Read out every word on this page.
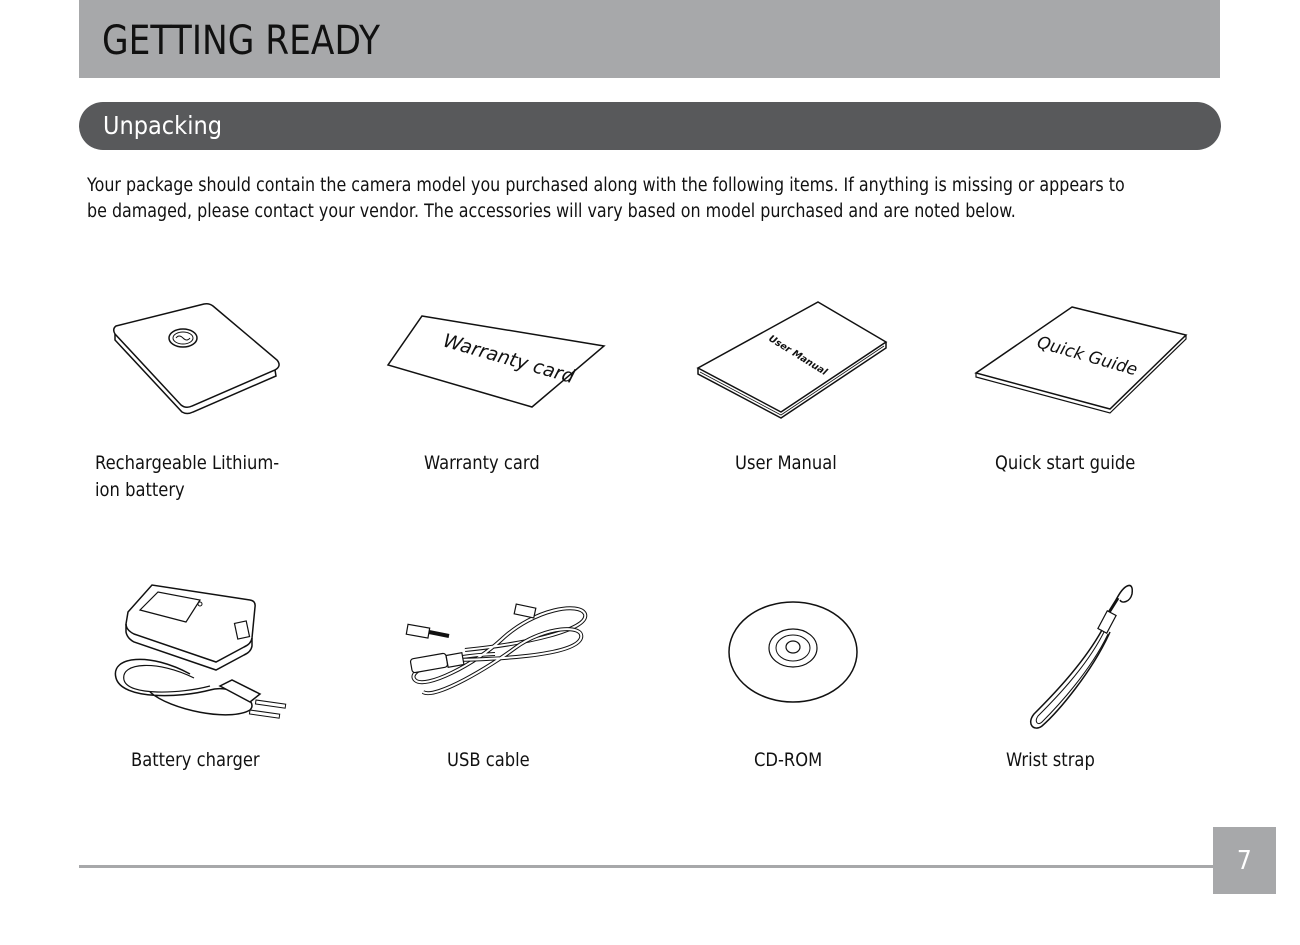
GETTING READY
Unpacking

Your package should contain the camera model you purchased along with the following items. If anything is missing or appears to
be damaged, please contact your vendor. The accessories will vary based on model purchased and are noted below.

Rechargeable Lithium-
ion battery

Warranty card

Warranty card

User Manual

User Manual

Quick Guide

Quick start guide

Battery charger	USB cable	CD-ROM	Wrist strap

7
